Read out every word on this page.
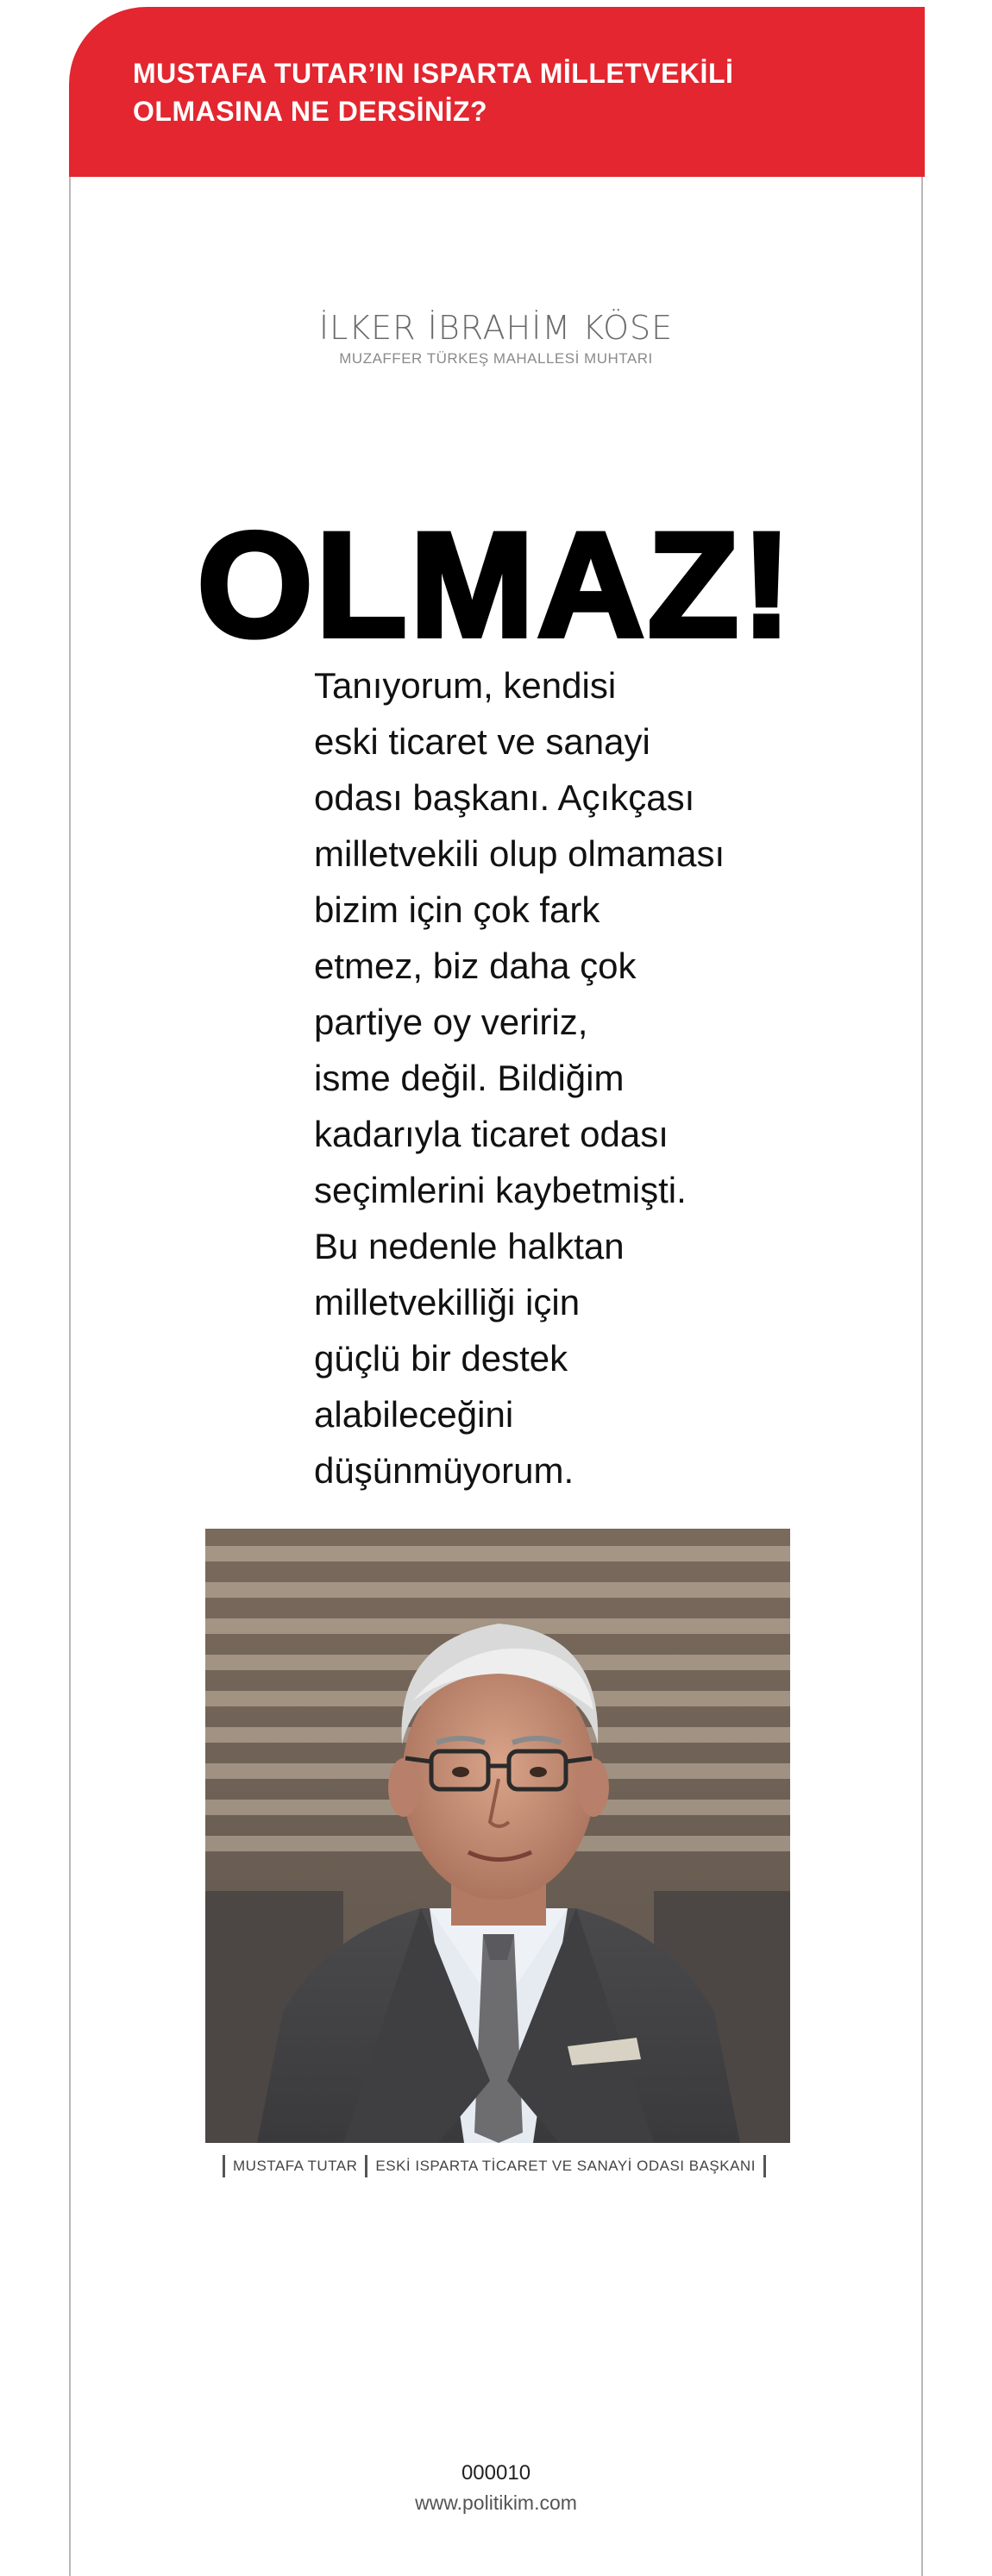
MUSTAFA TUTAR’IN ISPARTA MİLLETVEKİLİ OLMASINA NE DERSİNİZ?
İLKER İBRAHİM KÖSE
MUZAFFER TÜRKEŞ MAHALLESİ MUHTARI
OLMAZ!
Tanıyorum, kendisi
eski ticaret ve sanayi
odası başkanı. Açıkçası
milletvekili olup olmaması
bizim için çok fark
etmez, biz daha çok
partiye oy veririz,
isme değil. Bildiğim
kadarıyla ticaret odası
seçimlerini kaybetmişti.
Bu nedenle halktan
milletvekilliği için
güçlü bir destek
alabileceğini
düşünmüyorum.
MUSTAFA TUTAR ESKİ ISPARTA TİCARET VE SANAYİ ODASI BAŞKANI
000010
www.politikim.com
